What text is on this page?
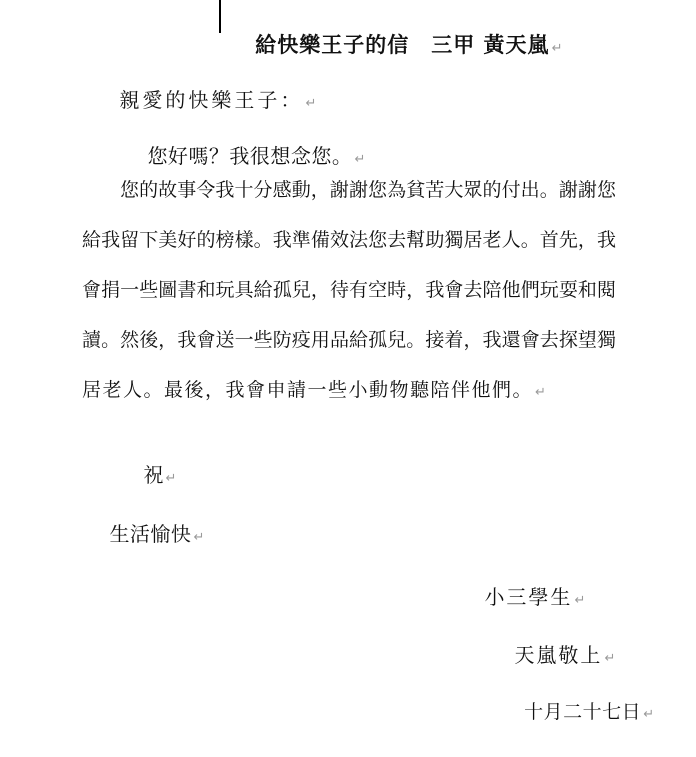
給快樂王子的信　三甲 黃天嵐 ↵

親愛的快樂王子： ↵

您好嗎？我很想念您。 ↵

您的故事令我十分感動，謝謝您為貧苦大眾的付出。謝謝您
給我留下美好的榜樣。我準備效法您去幫助獨居老人。首先，我
會捐一些圖書和玩具給孤兒，待有空時，我會去陪他們玩耍和閱
讀。然後，我會送一些防疫用品給孤兒。接着，我還會去探望獨
居老人。最後，我會申請一些小動物聽陪伴他們。 ↵

祝 ↵

生活愉快 ↵

小三學生 ↵

天嵐敬上 ↵

十月二十七日 ↵
